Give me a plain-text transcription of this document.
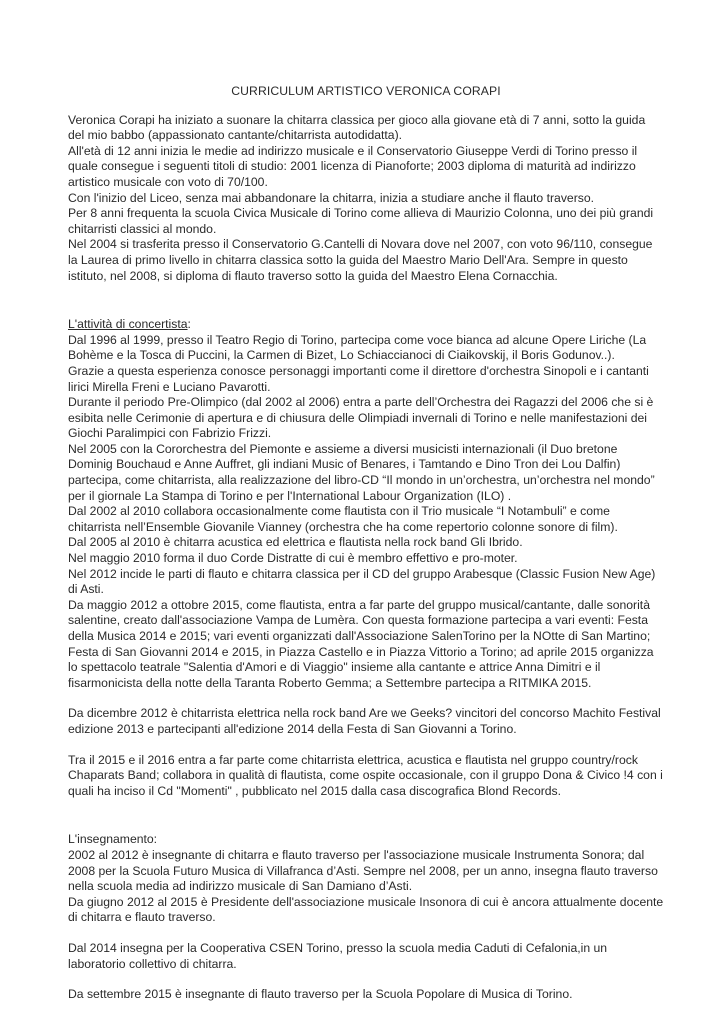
CURRICULUM ARTISTICO VERONICA CORAPI

Veronica Corapi ha iniziato a suonare la chitarra classica per gioco alla giovane età di 7 anni, sotto la guida del mio babbo (appassionato cantante/chitarrista autodidatta).

All'età di 12 anni inizia le medie ad indirizzo musicale e il Conservatorio Giuseppe Verdi di Torino presso il quale consegue i seguenti titoli di studio: 2001 licenza di Pianoforte; 2003 diploma di maturità ad indirizzo artistico musicale con voto di 70/100.

Con l'inizio del Liceo, senza mai abbandonare la chitarra, inizia a studiare anche il flauto traverso.

Per 8 anni frequenta la scuola Civica Musicale di Torino come allieva di Maurizio Colonna, uno dei più grandi chitarristi classici al mondo.

Nel 2004 si trasferita presso il Conservatorio G.Cantelli di Novara dove nel 2007, con voto 96/110, consegue la Laurea di primo livello in chitarra classica sotto la guida del Maestro Mario Dell'Ara. Sempre in questo istituto, nel 2008, si diploma di flauto traverso sotto la guida del Maestro Elena Cornacchia.

L'attività di concertista:

Dal 1996 al 1999, presso il Teatro Regio di Torino, partecipa come voce bianca ad alcune Opere Liriche (La Bohème e la Tosca di Puccini, la Carmen di Bizet, Lo Schiaccianoci di Ciaikovskij, il Boris Godunov..).

Grazie a questa esperienza conosce personaggi importanti come il direttore d'orchestra Sinopoli e i cantanti lirici Mirella Freni e Luciano Pavarotti.

Durante il periodo Pre-Olimpico (dal 2002 al 2006) entra a parte dell’Orchestra dei Ragazzi del 2006 che si è esibita nelle Cerimonie di apertura e di chiusura delle Olimpiadi invernali di Torino e nelle manifestazioni dei Giochi Paralimpici con Fabrizio Frizzi.

Nel 2005 con la Cororchestra del Piemonte e assieme a diversi musicisti internazionali (il Duo bretone Dominig Bouchaud e Anne Auffret, gli indiani Music of Benares, i Tamtando e Dino Tron dei Lou Dalfin) partecipa, come chitarrista, alla realizzazione del libro-CD “Il mondo in un’orchestra, un’orchestra nel mondo” per il giornale La Stampa di Torino e per l'International Labour Organization (ILO) .

Dal 2002 al 2010 collabora occasionalmente come flautista con il Trio musicale “I Notambuli” e come chitarrista nell’Ensemble Giovanile Vianney (orchestra che ha come repertorio colonne sonore di film).

Dal 2005 al 2010 è chitarra acustica ed elettrica e flautista nella rock band Gli Ibrido.

Nel maggio 2010 forma il duo Corde Distratte di cui è membro effettivo e pro-moter.

Nel 2012 incide le parti di flauto e chitarra classica per il CD del gruppo Arabesque (Classic Fusion New Age) di Asti.

Da maggio 2012 a ottobre 2015, come flautista, entra a far parte del gruppo musical/cantante, dalle sonorità salentine, creato dall'associazione Vampa de Lumèra. Con questa formazione partecipa a vari eventi: Festa della Musica 2014 e 2015; vari eventi organizzati dall'Associazione SalenTorino per la NOtte di San Martino; Festa di San Giovanni 2014 e 2015, in Piazza Castello e in Piazza Vittorio a Torino; ad aprile 2015 organizza lo spettacolo teatrale "Salentia d'Amori e di Viaggio" insieme alla cantante e attrice Anna Dimitri e il fisarmonicista della notte della Taranta Roberto Gemma; a Settembre partecipa a RITMIKA 2015.

Da dicembre 2012 è chitarrista elettrica nella rock band Are we Geeks? vincitori del concorso Machito Festival edizione 2013 e partecipanti all'edizione 2014 della Festa di San Giovanni a Torino.

Tra il 2015 e il 2016 entra a far parte come chitarrista elettrica, acustica e flautista nel gruppo country/rock Chaparats Band; collabora in qualità di flautista, come ospite occasionale, con il gruppo Dona & Civico !4 con i quali ha inciso il Cd "Momenti" , pubblicato nel 2015 dalla casa discografica Blond Records.

L'insegnamento:

2002 al 2012 è insegnante di chitarra e flauto traverso per l'associazione musicale Instrumenta Sonora; dal 2008 per la Scuola Futuro Musica di Villafranca d’Asti. Sempre nel 2008, per un anno, insegna flauto traverso nella scuola media ad indirizzo musicale di San Damiano d’Asti.

Da giugno 2012 al 2015 è Presidente dell'associazione musicale Insonora di cui è ancora attualmente docente di chitarra e flauto traverso.

Dal 2014 insegna per la Cooperativa CSEN Torino, presso la scuola media Caduti di Cefalonia,in un laboratorio collettivo di chitarra.

Da settembre 2015 è insegnante di flauto traverso per la Scuola Popolare di Musica di Torino.
